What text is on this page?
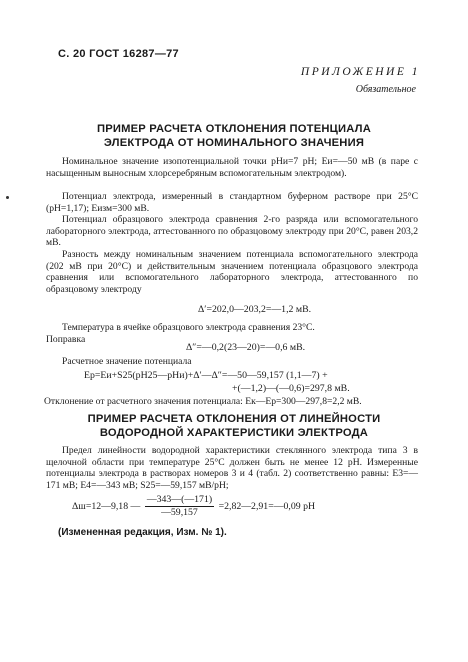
С. 20 ГОСТ 16287—77
ПРИЛОЖЕНИЕ 1
Обязательное
ПРИМЕР РАСЧЕТА ОТКЛОНЕНИЯ ПОТЕНЦИАЛА
ЭЛЕКТРОДА ОТ НОМИНАЛЬНОГО ЗНАЧЕНИЯ
Номинальное значение изопотенциальной точки pHи=7 pH; Eи=—50 мВ (в паре с насыщенным выносным хлорсеребряным вспомогательным электродом).
Потенциал электрода, измеренный в стандартном буферном растворе при 25°C (pH=1,17); Eизм=300 мВ.
Потенциал образцового электрода сравнения 2-го разряда или вспомогательного лабораторного электрода, аттестованного по образцовому электроду при 20°C, равен 203,2 мВ.
Разность между номинальным значением потенциала вспомогательного электрода (202 мВ при 20°C) и действительным значением потенциала образцового электрода сравнения или вспомогательного лабораторного электрода, аттестованного по образцовому электроду
Δ′=202,0—203,2=—1,2 мВ.
Температура в ячейке образцового электрода сравнения 23°C.
Поправка
Δ″=—0,2(23—20)=—0,6 мВ.
Расчетное значение потенциала
Eр=Eи+S25(pH25—pHи)+Δ′—Δ″=—50—59,157 (1,1—7) +
+(—1,2)—(—0,6)=297,8 мВ.
Отклонение от расчетного значения потенциала: Eк—Eр=300—297,8=2,2 мВ.
ПРИМЕР РАСЧЕТА ОТКЛОНЕНИЯ ОТ ЛИНЕЙНОСТИ
ВОДОРОДНОЙ ХАРАКТЕРИСТИКИ ЭЛЕКТРОДА
Предел линейности водородной характеристики стеклянного электрода типа 3 в щелочной области при температуре 25°C должен быть не менее 12 pH. Измеренные потенциалы электрода в растворах номеров 3 и 4 (табл. 2) соответственно равны: E3=—171 мВ; E4=—343 мВ; S25=—59,157 мВ/pH;
Δш=12—9,18 — $\frac{—343—(—171)}{—59,157}$ =2,82—2,91=—0,09 pH
(Измененная редакция, Изм. № 1).
